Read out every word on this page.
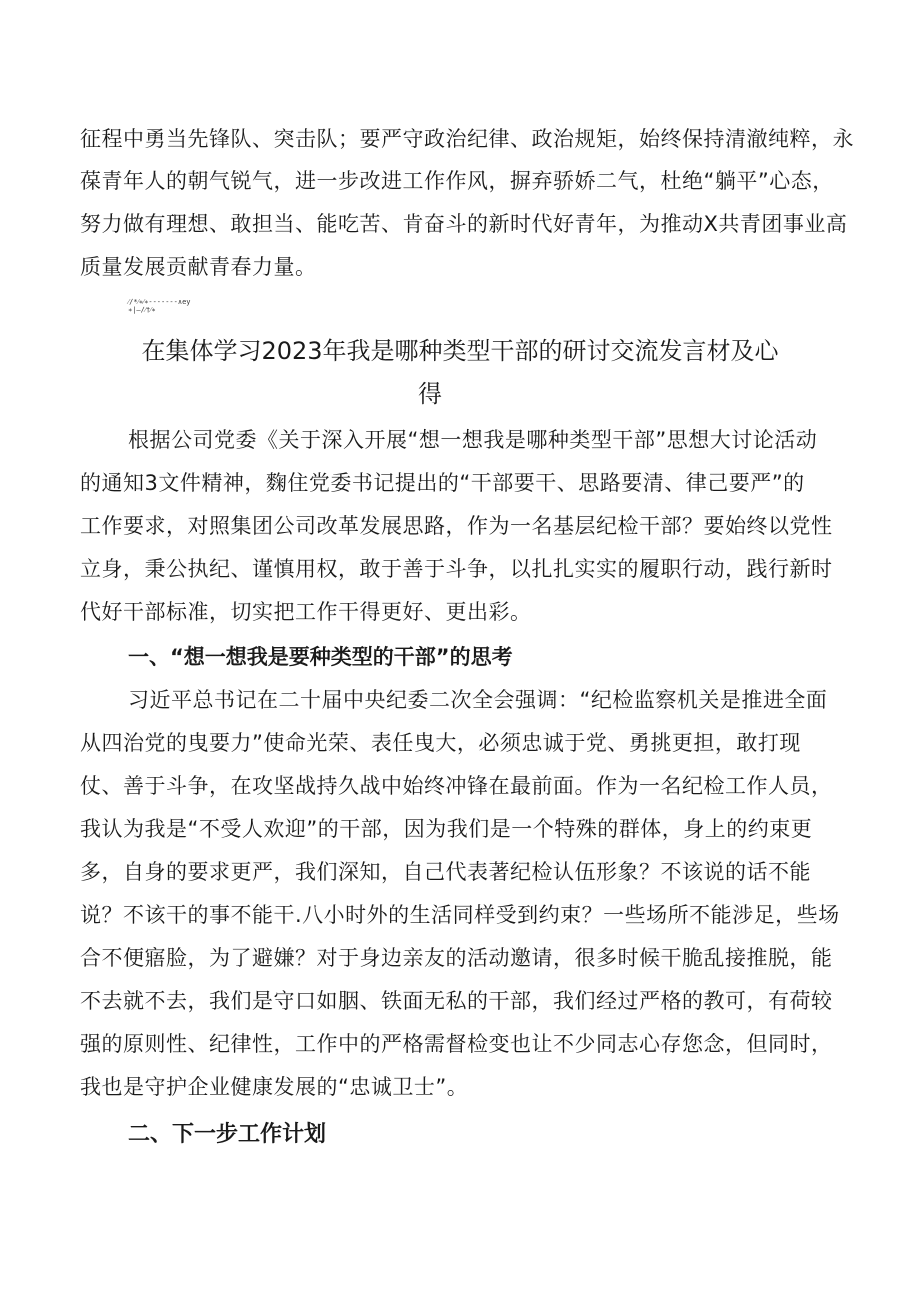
征程中勇当先锋队、突击队；要严守政治纪律、政治规矩，始终保持清澈纯粹，永
葆青年人的朝气锐气，进一步改进工作作风，摒弃骄娇二气，杜绝“躺平”心态，
努力做有理想、敢担当、能吃苦、肯奋斗的新时代好青年，为推动X共青团事业高
质量发展贡献青春力量。
⁄∕*⁄∗⁄∗-------∧ey
∗|—∕⁄†⁄∗
在集体学习2023年我是哪种类型干部的研讨交流发言材及心
得
根据公司党委《关于深入开展“想一想我是哪种类型干部”思想大讨论活动
的通知3文件精神，麴住党委书记提出的“干部要干、思路要清、律己要严”的
工作要求，对照集团公司改革发展思路，作为一名基层纪检干部？要始终以党性
立身，秉公执纪、谨慎用权，敢于善于斗争，以扎扎实实的履职行动，践行新时
代好干部标准，切实把工作干得更好、更出彩。
一、“想一想我是要种类型的干部”的思考
习近平总书记在二十届中央纪委二次全会强调：“纪检监察机关是推进全面
从四治党的曳要力”使命光荣、表任曳大，必须忠诚于党、勇挑更担，敢打现
仗、善于斗争，在攻坚战持久战中始终冲锋在最前面。作为一名纪检工作人员，
我认为我是“不受人欢迎”的干部，因为我们是一个特殊的群体，身上的约束更
多，自身的要求更严，我们深知，自己代表著纪检认伍形象？不该说的话不能
说？不该干的事不能干.八小时外的生活同样受到约束？一些场所不能涉足，些场
合不便寤脸，为了避嫌？对于身边亲友的活动邀请，很多时候干脆乱接推脱，能
不去就不去，我们是守口如胭、铁面无私的干部，我们经过严格的教可，有荷较
强的原则性、纪律性，工作中的严格需督检变也让不少同志心存您念，但同时，
我也是守护企业健康发展的“忠诚卫士”。
二、下一步工作计划
